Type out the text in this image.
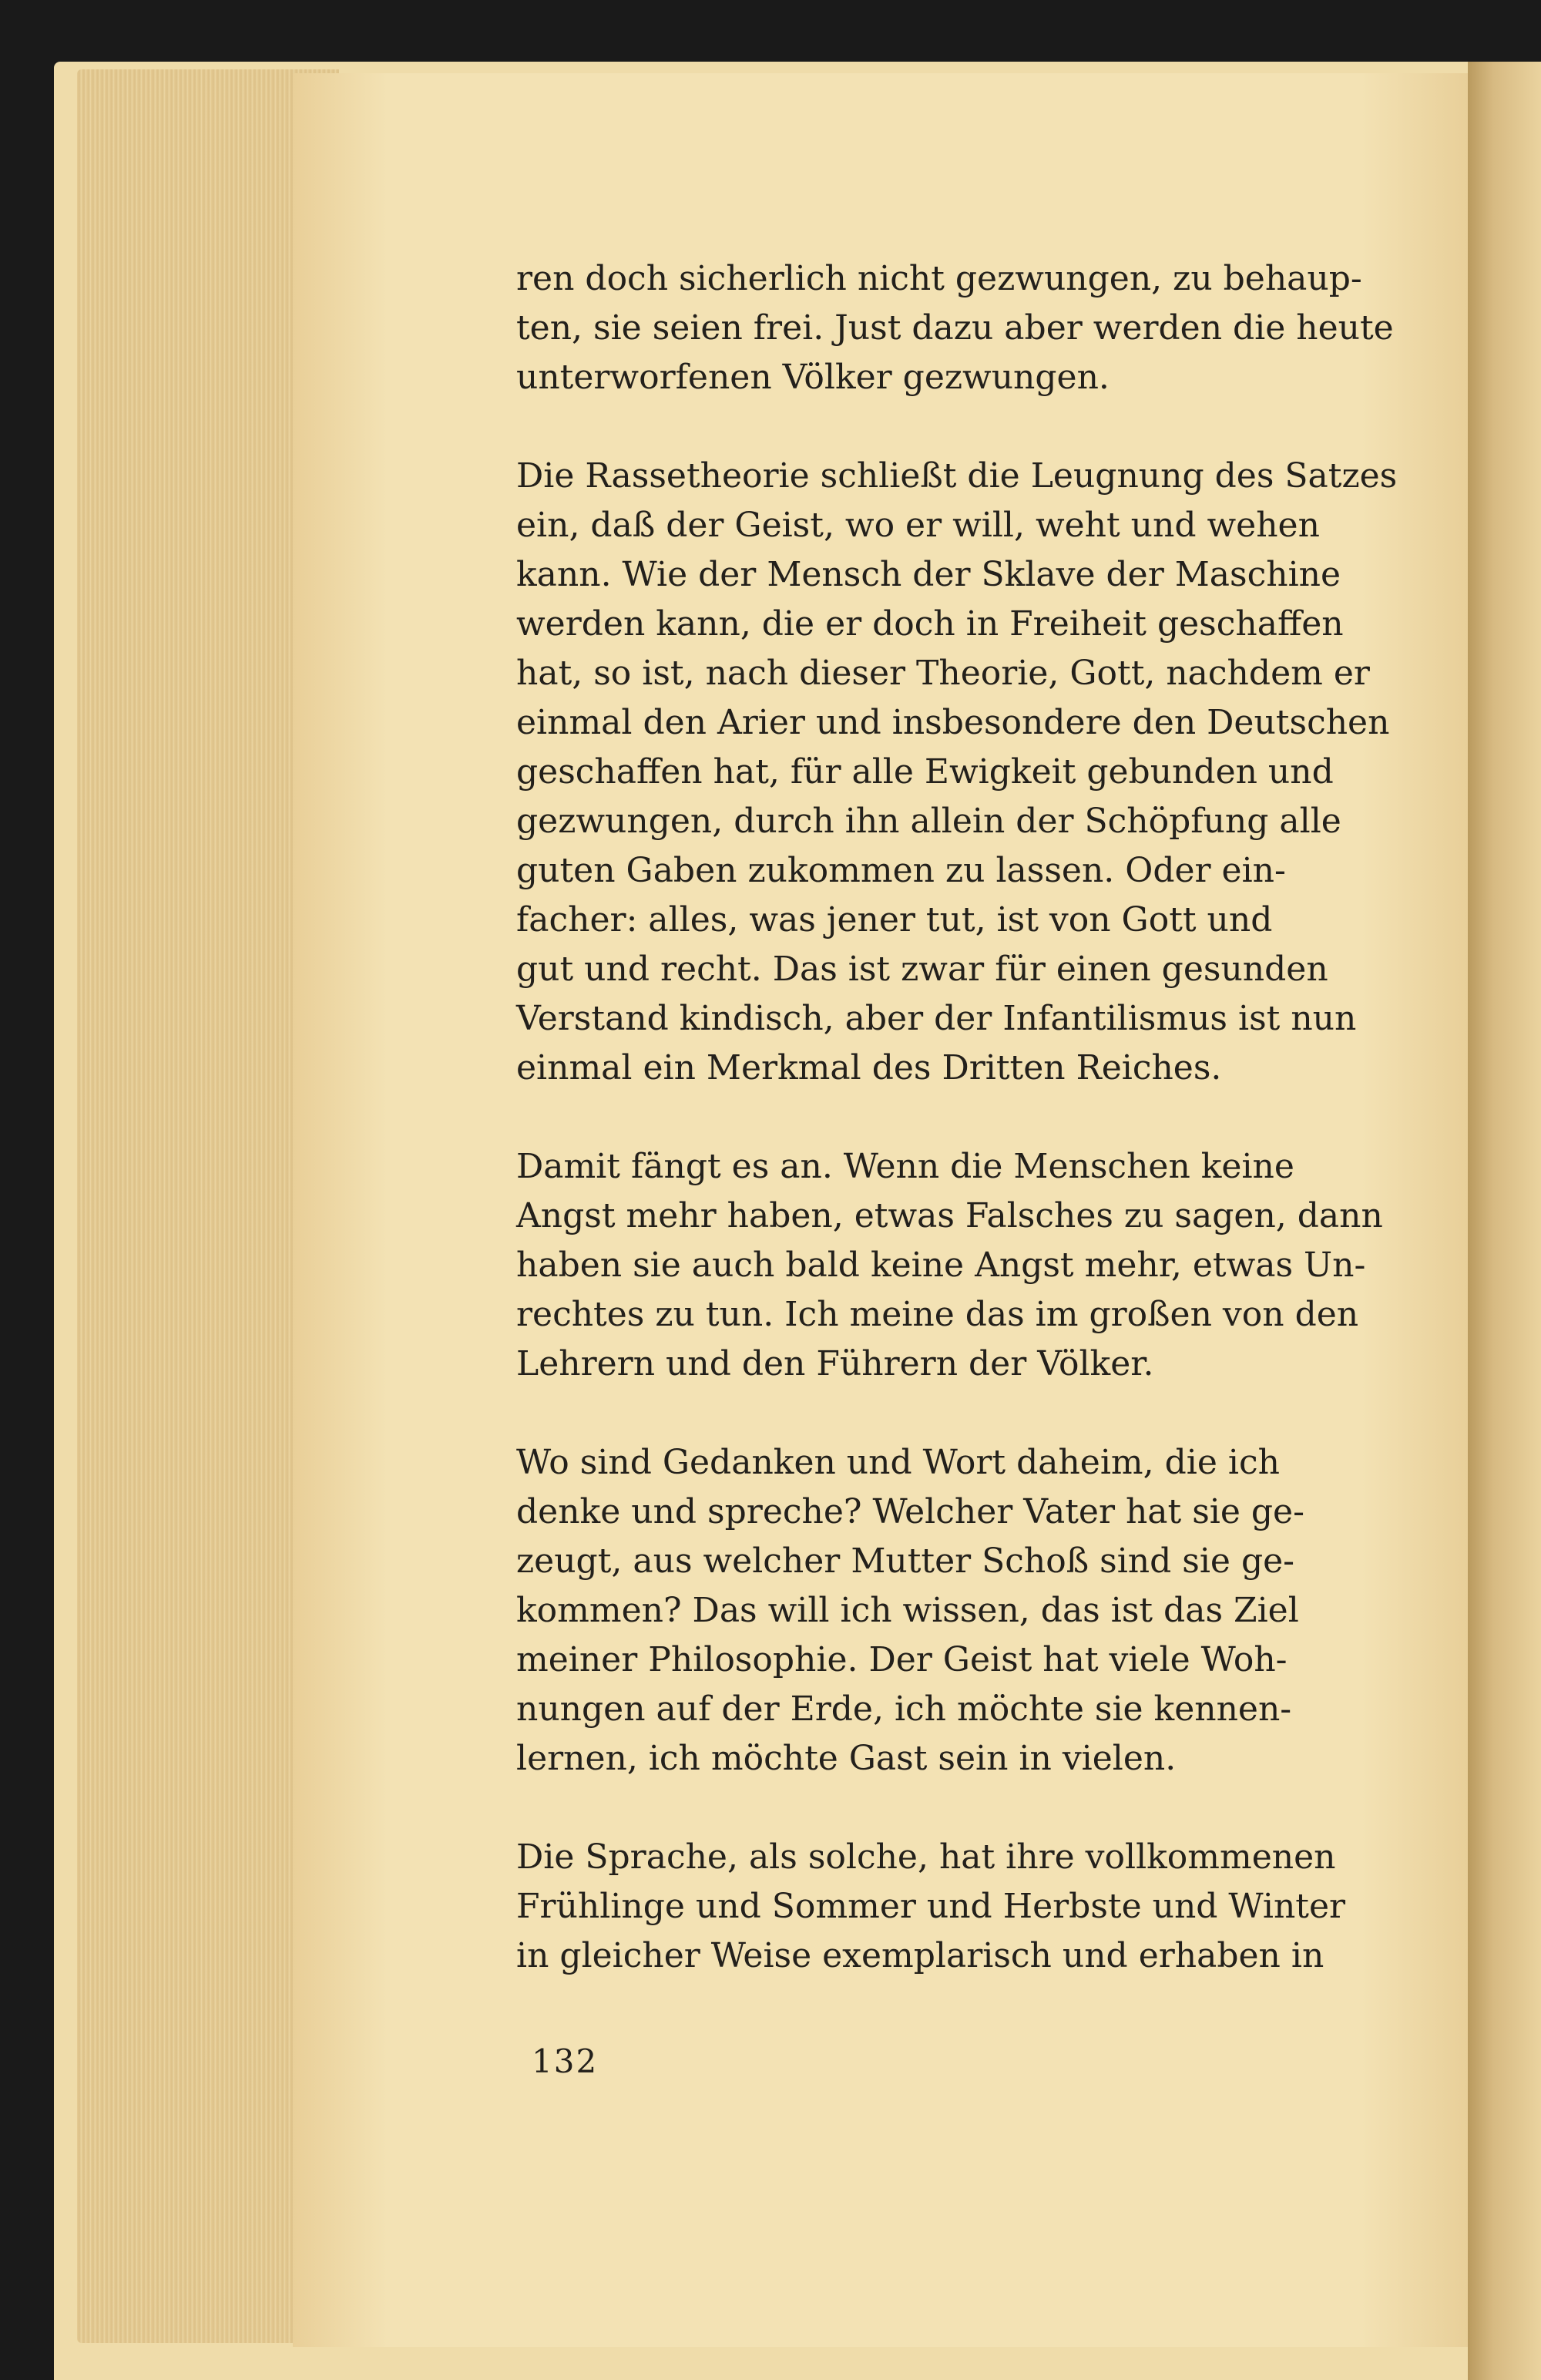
ren doch sicherlich nicht gezwungen, zu behaup-
ten, sie seien frei. Just dazu aber werden die heute
unterworfenen Völker gezwungen.
Die Rassetheorie schließt die Leugnung des Satzes
ein, daß der Geist, wo er will, weht und wehen
kann. Wie der Mensch der Sklave der Maschine
werden kann, die er doch in Freiheit geschaffen
hat, so ist, nach dieser Theorie, Gott, nachdem er
einmal den Arier und insbesondere den Deutschen
geschaffen hat, für alle Ewigkeit gebunden und
gezwungen, durch ihn allein der Schöpfung alle
guten Gaben zukommen zu lassen. Oder ein-
facher: alles, was jener tut, ist von Gott und
gut und recht. Das ist zwar für einen gesunden
Verstand kindisch, aber der Infantilismus ist nun
einmal ein Merkmal des Dritten Reiches.
Damit fängt es an. Wenn die Menschen keine
Angst mehr haben, etwas Falsches zu sagen, dann
haben sie auch bald keine Angst mehr, etwas Un-
rechtes zu tun. Ich meine das im großen von den
Lehrern und den Führern der Völker.
Wo sind Gedanken und Wort daheim, die ich
denke und spreche? Welcher Vater hat sie ge-
zeugt, aus welcher Mutter Schoß sind sie ge-
kommen? Das will ich wissen, das ist das Ziel
meiner Philosophie. Der Geist hat viele Woh-
nungen auf der Erde, ich möchte sie kennen-
lernen, ich möchte Gast sein in vielen.
Die Sprache, als solche, hat ihre vollkommenen
Frühlinge und Sommer und Herbste und Winter
in gleicher Weise exemplarisch und erhaben in
132
